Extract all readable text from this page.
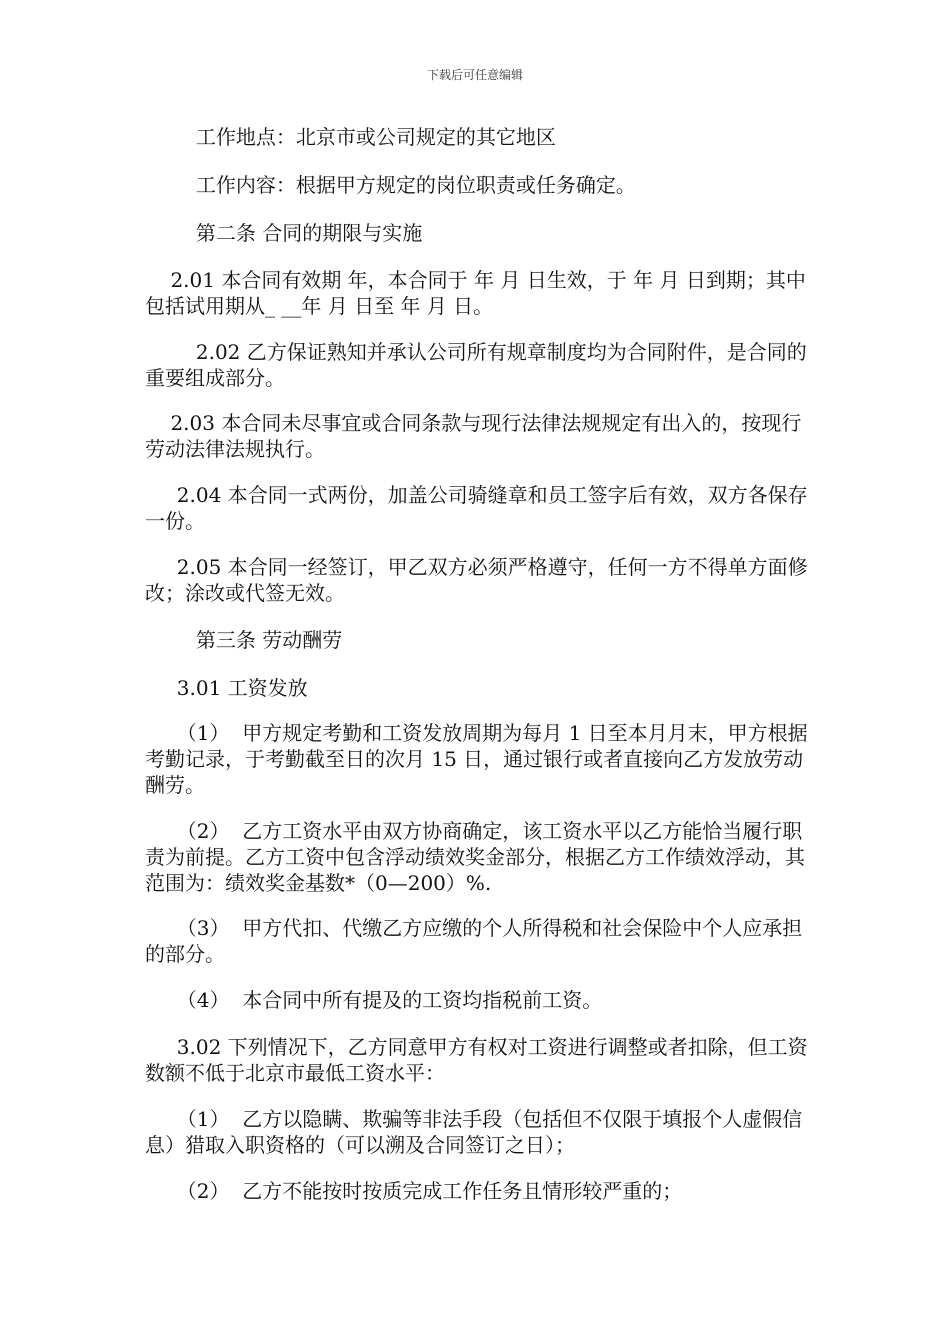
下载后可任意编辑
工作地点：北京市或公司规定的其它地区
工作内容：根据甲方规定的岗位职责或任务确定。
第二条 合同的期限与实施
2.01 本合同有效期 年，本合同于 年 月 日生效，于 年 月 日到期；其中包括试用期从_ __年 月 日至 年 月 日。
2.02 乙方保证熟知并承认公司所有规章制度均为合同附件，是合同的重要组成部分。
2.03 本合同未尽事宜或合同条款与现行法律法规规定有出入的，按现行劳动法律法规执行。
2.04 本合同一式两份，加盖公司骑缝章和员工签字后有效，双方各保存一份。
2.05 本合同一经签订，甲乙双方必须严格遵守，任何一方不得单方面修改；涂改或代签无效。
第三条 劳动酬劳
3.01 工资发放
（1）  甲方规定考勤和工资发放周期为每月 1 日至本月月末，甲方根据考勤记录，于考勤截至日的次月 15 日，通过银行或者直接向乙方发放劳动酬劳。
（2）  乙方工资水平由双方协商确定，该工资水平以乙方能恰当履行职责为前提。乙方工资中包含浮动绩效奖金部分，根据乙方工作绩效浮动，其范围为：绩效奖金基数*（0—200）%.
（3）  甲方代扣、代缴乙方应缴的个人所得税和社会保险中个人应承担的部分。
（4）  本合同中所有提及的工资均指税前工资。
3.02 下列情况下，乙方同意甲方有权对工资进行调整或者扣除，但工资数额不低于北京市最低工资水平：
（1）  乙方以隐瞒、欺骗等非法手段（包括但不仅限于填报个人虚假信息）猎取入职资格的（可以溯及合同签订之日）；
（2）  乙方不能按时按质完成工作任务且情形较严重的；
